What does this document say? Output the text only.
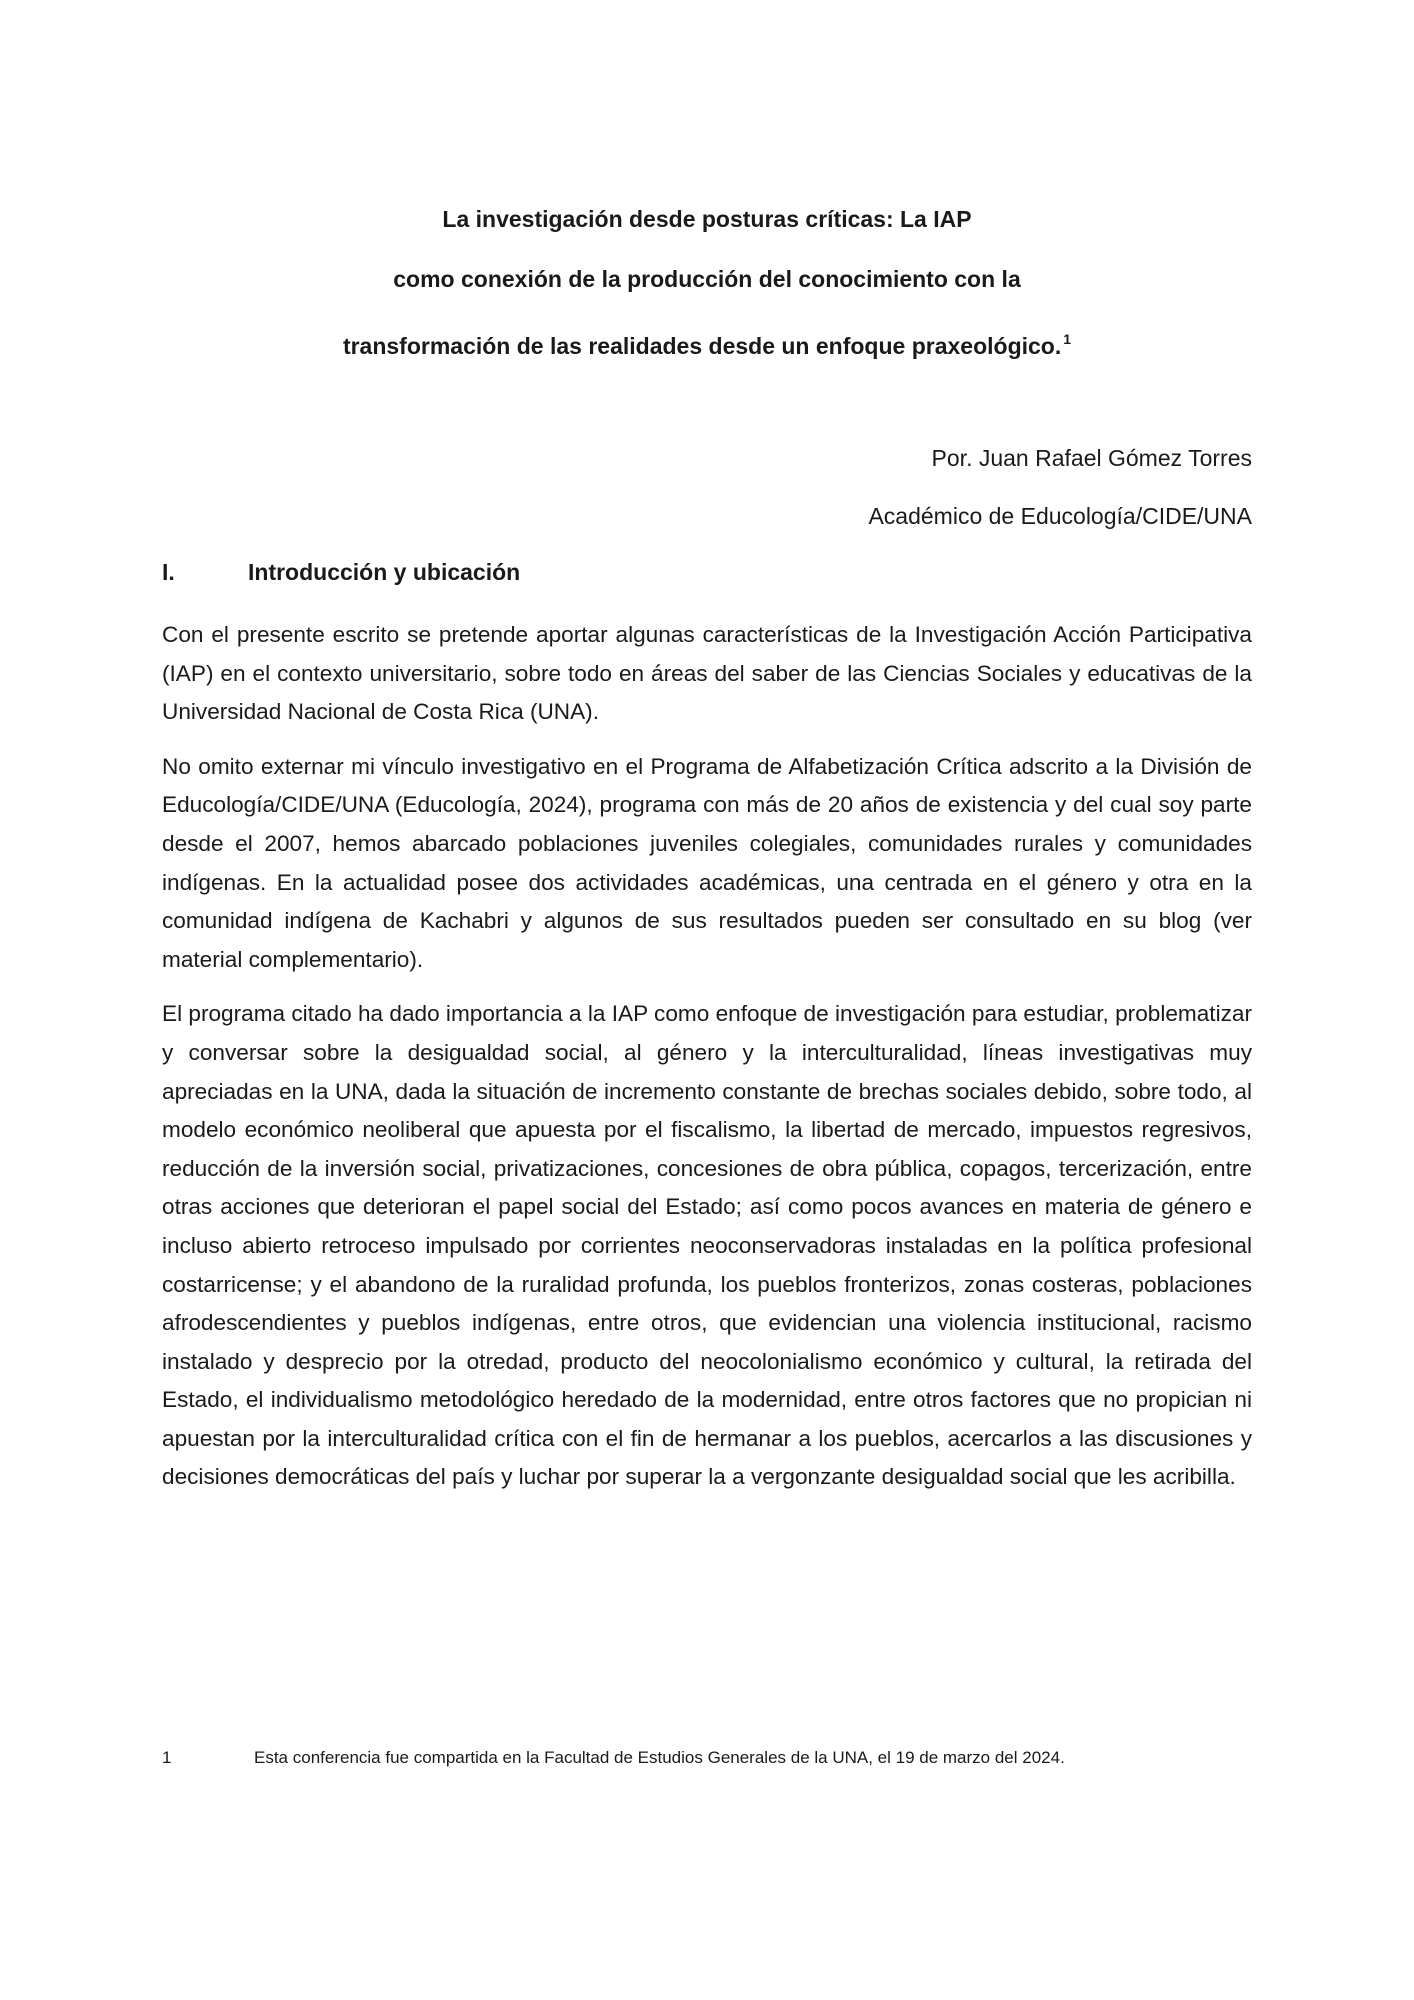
La investigación desde posturas críticas: La IAP
como conexión de la producción del conocimiento con la
transformación de las realidades desde un enfoque praxeológico. $^1$
Por. Juan Rafael Gómez Torres
Académico de Educología/CIDE/UNA
I.	Introducción y ubicación

Con el presente escrito se pretende aportar algunas características de la Investigación Acción Participativa (IAP) en el contexto universitario, sobre todo en áreas del saber de las Ciencias Sociales y educativas de la Universidad Nacional de Costa Rica (UNA).

No omito externar mi vínculo investigativo en el Programa de Alfabetización Crítica adscrito a la División de Educología/CIDE/UNA (Educología, 2024), programa con más de 20 años de existencia y del cual soy parte desde el 2007, hemos abarcado poblaciones juveniles colegiales, comunidades rurales y comunidades indígenas. En la actualidad posee dos actividades académicas, una centrada en el género y otra en la comunidad indígena de Kachabri y algunos de sus resultados pueden ser consultado en su blog (ver material complementario).

El programa citado ha dado importancia a la IAP como enfoque de investigación para estudiar, problematizar y conversar sobre la desigualdad social, al género y la interculturalidad, líneas investigativas muy apreciadas en la UNA, dada la situación de incremento constante de brechas sociales debido, sobre todo, al modelo económico neoliberal que apuesta por el fiscalismo, la libertad de mercado, impuestos regresivos, reducción de la inversión social, privatizaciones, concesiones de obra pública, copagos, tercerización, entre otras acciones que deterioran el papel social del Estado; así como pocos avances en materia de género e incluso abierto retroceso impulsado por corrientes neoconservadoras instaladas en la política profesional costarricense; y el abandono de la ruralidad profunda, los pueblos fronterizos, zonas costeras, poblaciones afrodescendientes y pueblos indígenas, entre otros, que evidencian una violencia institucional, racismo instalado y desprecio por la otredad, producto del neocolonialismo económico y cultural, la retirada del Estado, el individualismo metodológico heredado de la modernidad, entre otros factores que no propician ni apuestan por la interculturalidad crítica con el fin de hermanar a los pueblos, acercarlos a las discusiones y decisiones democráticas del país y luchar por superar la a vergonzante desigualdad social que les acribilla.

1	Esta conferencia fue compartida en la Facultad de Estudios Generales de la UNA, el 19 de marzo del 2024.
